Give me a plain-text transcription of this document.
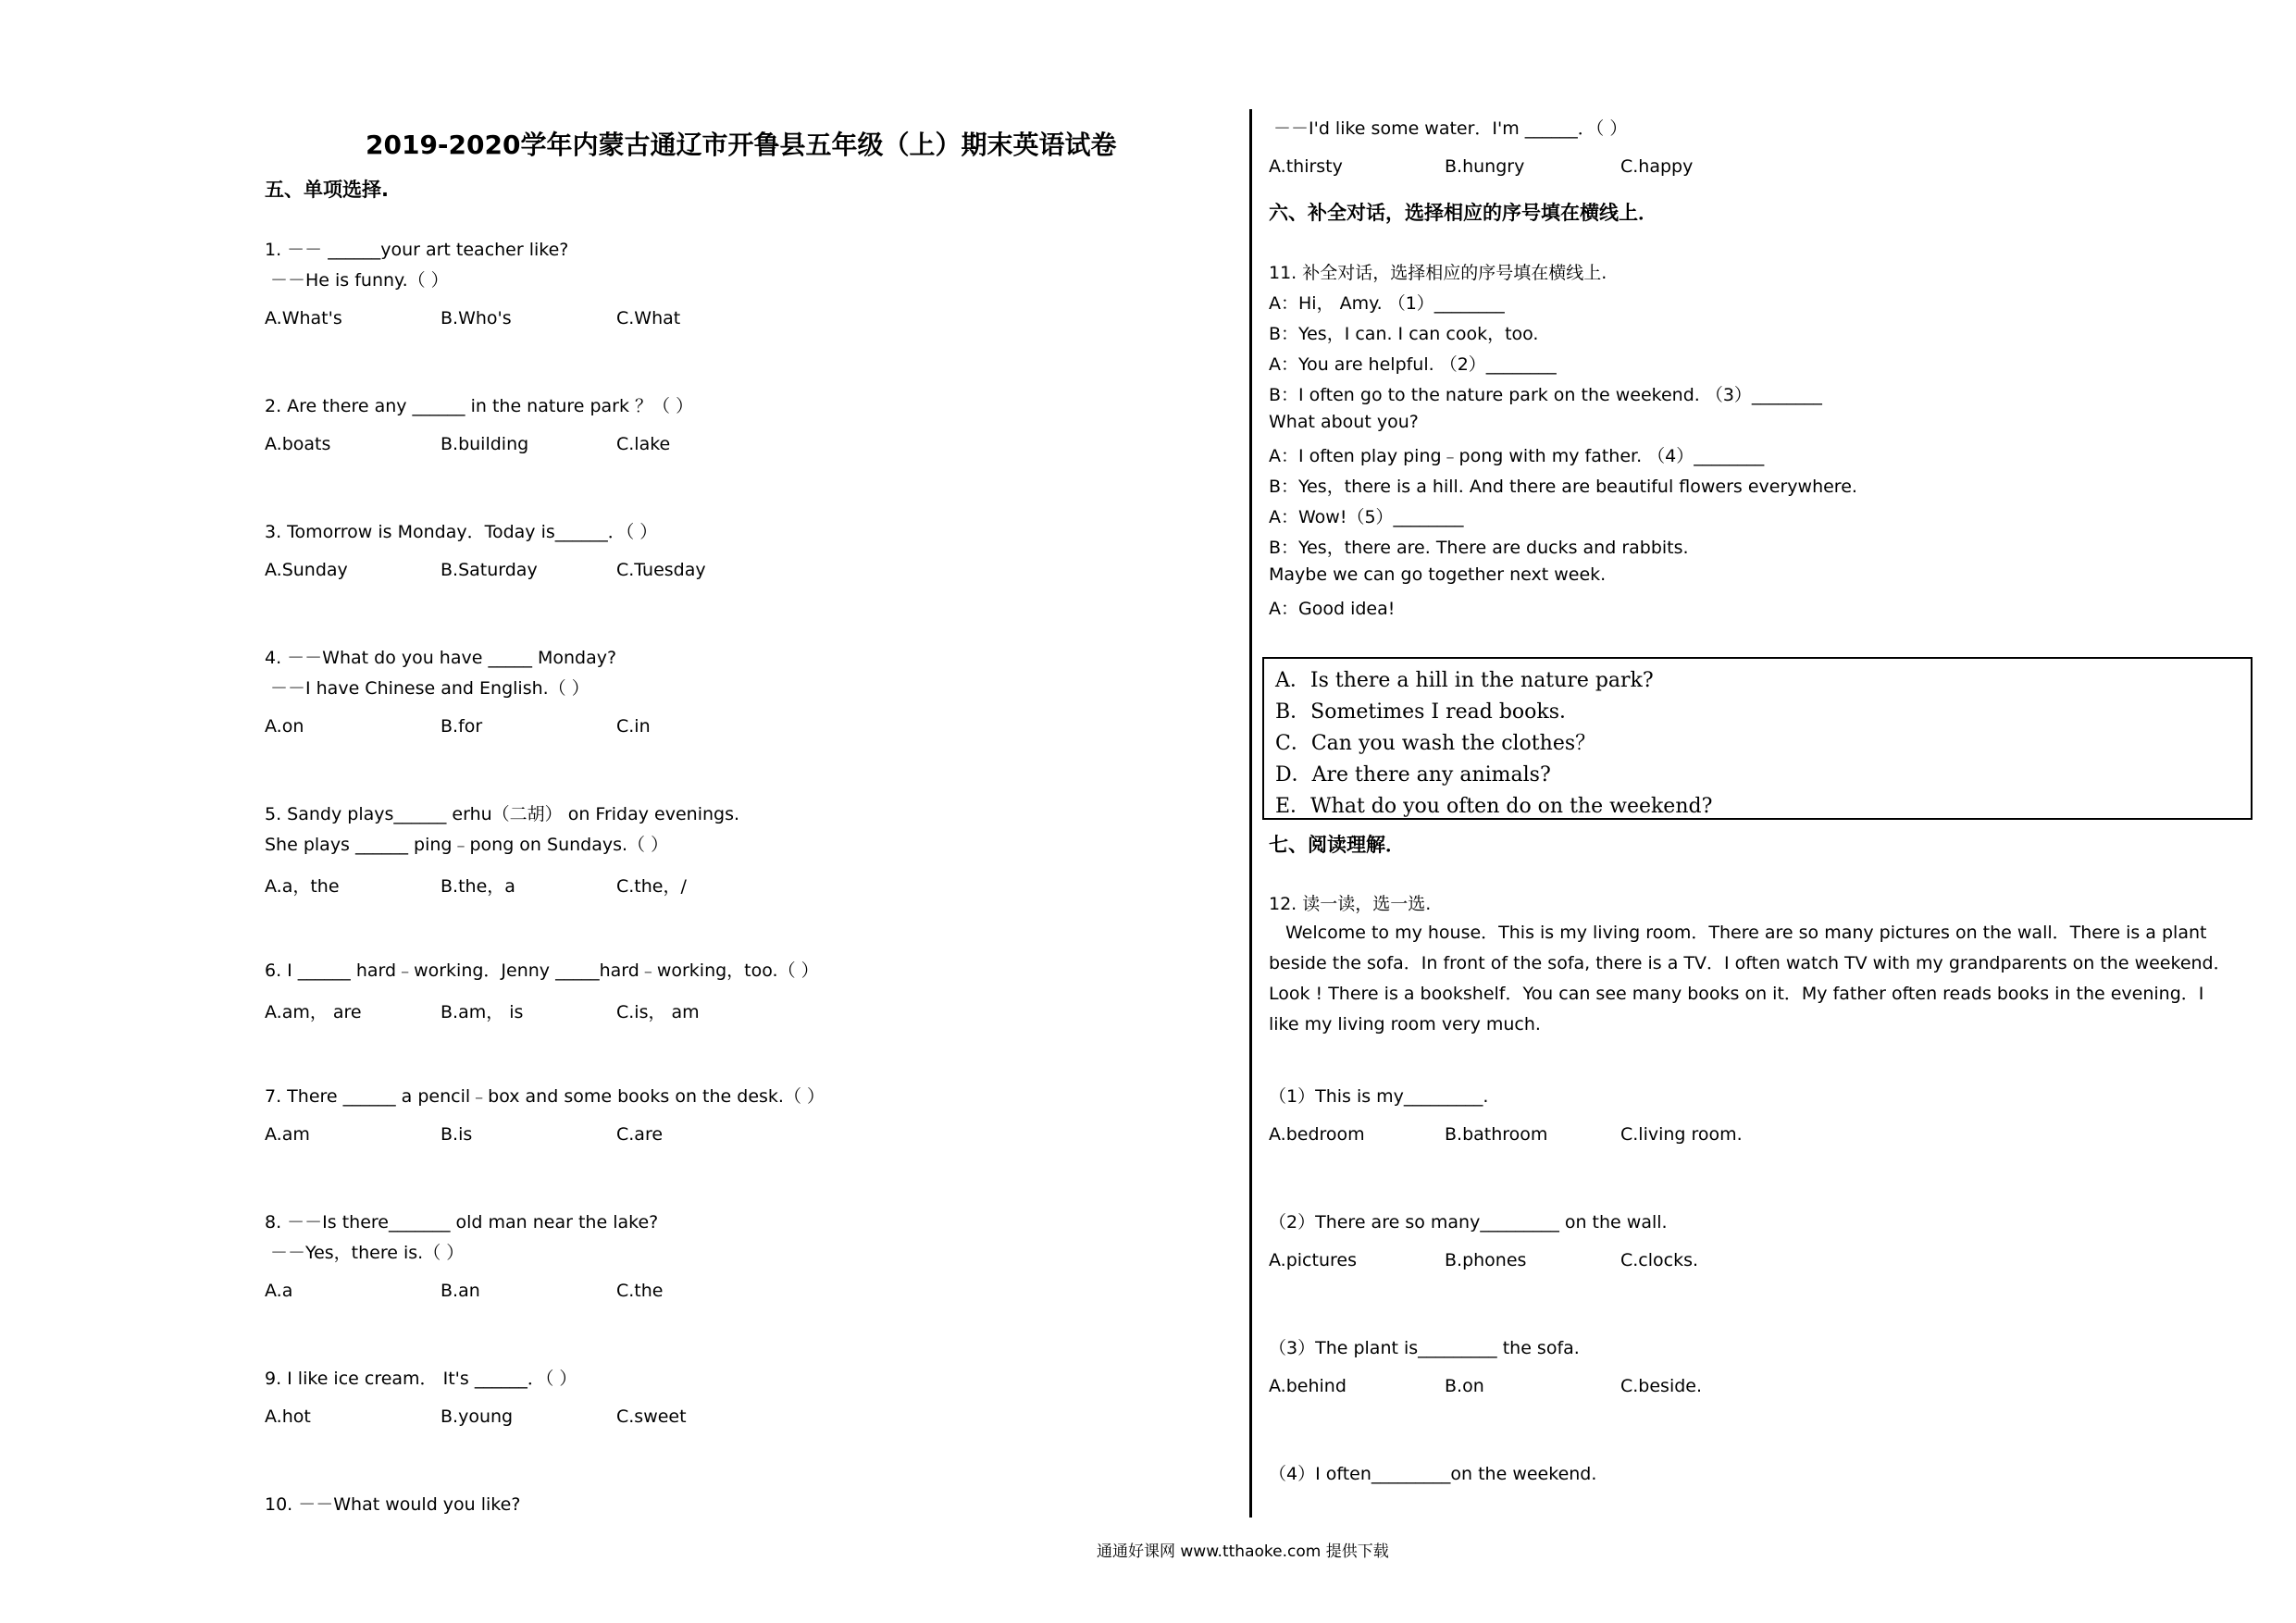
2019-2020学年内蒙古通辽市开鲁县五年级（上）期末英语试卷
五、单项选择.
1. －－ ______your art teacher like?
－－He is funny.（ ）
A.What's	B.Who's	C.What
2. Are there any ______ in the nature park ？（ ）
A.boats	B.building	C.lake
3. Tomorrow is Monday．Today is______．（ ）
A.Sunday	B.Saturday	C.Tuesday
4. －－What do you have _____ Monday?
－－I have Chinese and English.（ ）
A.on	B.for	C.in
5. Sandy plays______ erhu（二胡） on Friday evenings.
She plays ______ ping﹣pong on Sundays.（ ）
A.a，the	B.the，a	C.the，/
6. I ______ hard﹣working．Jenny _____hard﹣working，too.（ ）
A.am， are	B.am， is	C.is， am
7. There ______ a pencil﹣box and some books on the desk.（ ）
A.am	B.is	C.are
8. －－Is there_______ old man near the lake?
－－Yes，there is.（ ）
A.a	B.an	C.the
9. I like ice cream． It's ______．（ ）
A.hot	B.young	C.sweet
10. －－What would you like?
－－I'd like some water．I'm ______．（ ）
A.thirsty	B.hungry	C.happy
六、补全对话，选择相应的序号填在横线上．
11. 补全对话，选择相应的序号填在横线上.
A：Hi， Amy. （1）________
B：Yes，I can. I can cook，too.
A：You are helpful. （2）________
B：I often go to the nature park on the weekend. （3）________
What about you?
A：I often play ping﹣pong with my father. （4）________
B：Yes，there is a hill. And there are beautiful flowers everywhere.
A：Wow!（5）________
B：Yes，there are. There are ducks and rabbits.
Maybe we can go together next week.
A：Good idea!
A．Is there a hill in the nature park?
B．Sometimes I read books．
C．Can you wash the clothes？
D．Are there any animals?
E．What do you often do on the weekend?
七、阅读理解．
12. 读一读，选一选.
Welcome to my house．This is my living room．There are so many pictures on the wall．There is a plant beside the sofa．In front of the sofa, there is a TV．I often watch TV with my grandparents on the weekend．Look ! There is a bookshelf．You can see many books on it．My father often reads books in the evening．I like my living room very much.
（1）This is my_________.
A.bedroom	B.bathroom	C.living room.
（2）There are so many_________ on the wall.
A.pictures	B.phones	C.clocks.
（3）The plant is_________ the sofa.
A.behind	B.on	C.beside.
（4）I often_________on the weekend.
通通好课网 www.tthaoke.com 提供下载
